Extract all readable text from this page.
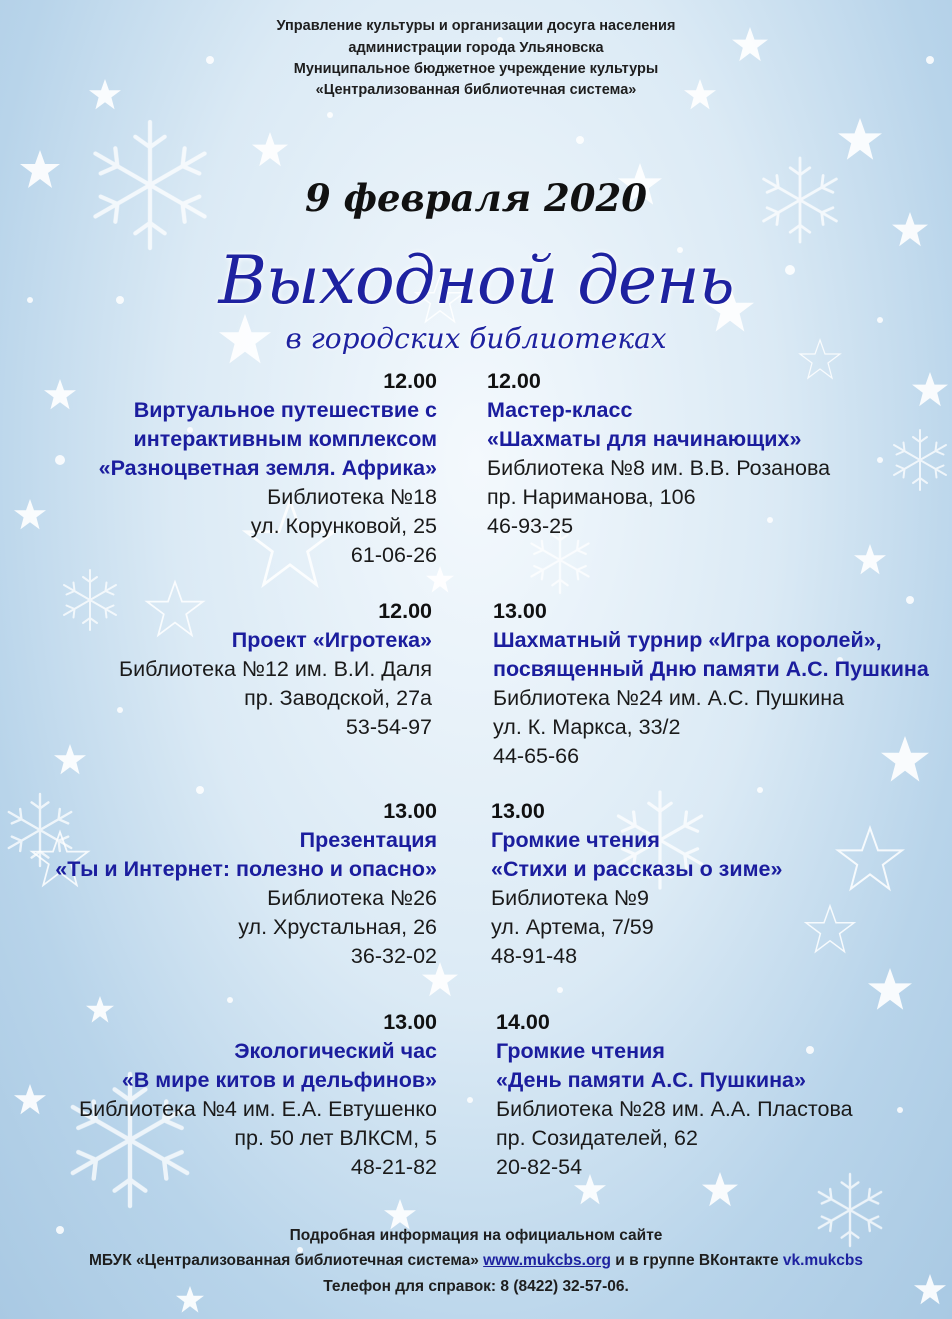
Управление культуры и организации досуга населения
администрации города Ульяновска
Муниципальное бюджетное учреждение культуры
«Централизованная библиотечная система»
9 февраля 2020
Выходной день
в городских библиотеках
12.00
Виртуальное путешествие с
интерактивным комплексом
«Разноцветная земля. Африка»
Библиотека №18
ул. Корунковой, 25
61-06-26
12.00
Мастер-класс
«Шахматы для начинающих»
Библиотека №8 им. В.В. Розанова
пр. Нариманова, 106
46-93-25
12.00
Проект «Игротека»
Библиотека №12 им. В.И. Даля
пр. Заводской, 27а
53-54-97
13.00
Шахматный турнир «Игра королей»,
посвященный Дню памяти А.С. Пушкина
Библиотека №24 им. А.С. Пушкина
ул. К. Маркса, 33/2
44-65-66
13.00
Презентация
«Ты и Интернет: полезно и опасно»
Библиотека №26
ул. Хрустальная, 26
36-32-02
13.00
Громкие чтения
«Стихи и рассказы о зиме»
Библиотека №9
ул. Артема, 7/59
48-91-48
13.00
Экологический час
«В мире китов и дельфинов»
Библиотека №4 им. Е.А. Евтушенко
пр. 50 лет ВЛКСМ, 5
48-21-82
14.00
Громкие чтения
«День памяти А.С. Пушкина»
Библиотека №28 им. А.А. Пластова
пр. Созидателей, 62
20-82-54
Подробная информация на официальном сайте
МБУК «Централизованная библиотечная система» www.mukcbs.org и в группе ВКонтакте vk.mukcbs
Телефон для справок: 8 (8422) 32-57-06.
